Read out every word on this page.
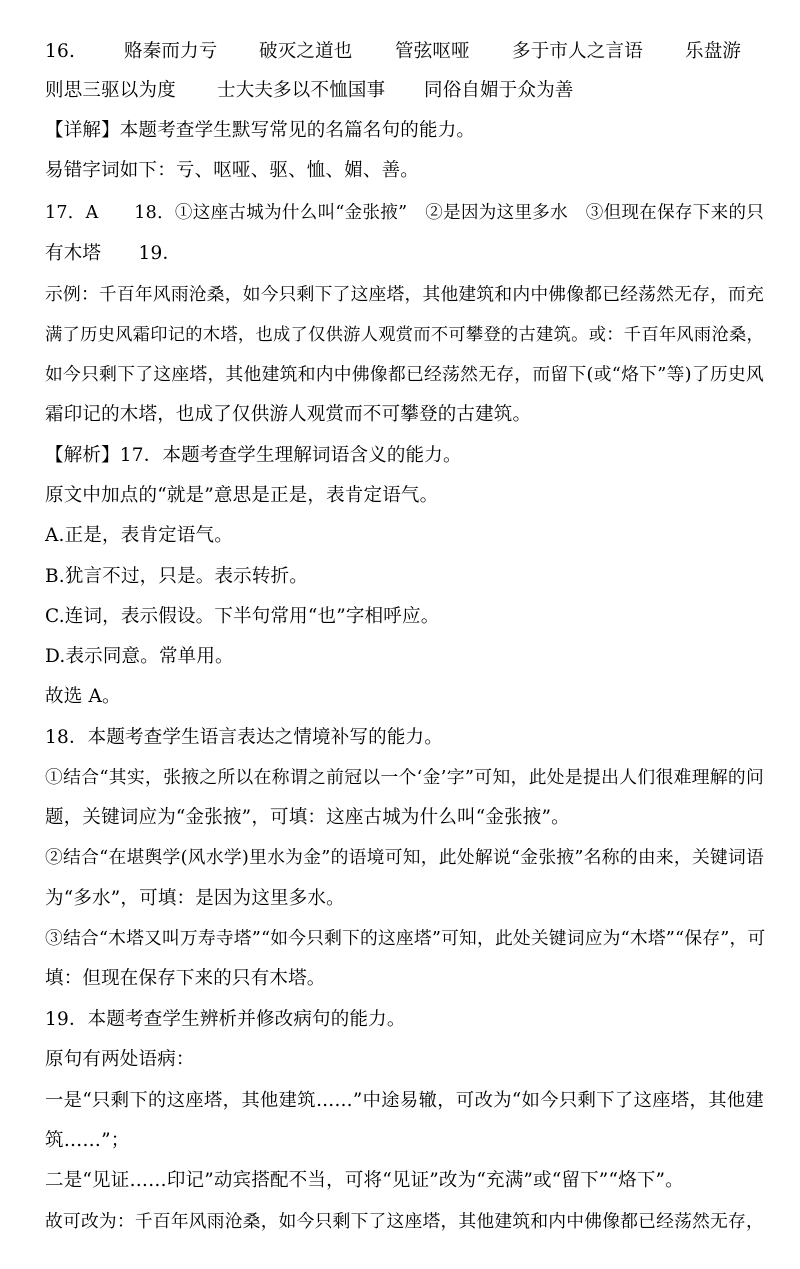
16.	赂秦而力亏 破灭之道也 管弦呕哑 多于市人之言语 乐盘游
则思三驱以为度 士大夫多以不恤国事 同俗自媚于众为善
【详解】本题考查学生默写常见的名篇名句的能力。
易错字词如下：亏、呕哑、驱、恤、媚、善。
17．A　　18．①这座古城为什么叫“金张掖”　②是因为这里多水　③但现在保存下来的只
有木塔　　19．
示例：千百年风雨沧桑，如今只剩下了这座塔，其他建筑和内中佛像都已经荡然无存，而充
满了历史风霜印记的木塔，也成了仅供游人观赏而不可攀登的古建筑。或：千百年风雨沧桑，
如今只剩下了这座塔，其他建筑和内中佛像都已经荡然无存，而留下(或“烙下”等)了历史风
霜印记的木塔，也成了仅供游人观赏而不可攀登的古建筑。
【解析】17．本题考查学生理解词语含义的能力。
原文中加点的“就是”意思是正是，表肯定语气。
A.正是，表肯定语气。
B.犹言不过，只是。表示转折。
C.连词，表示假设。下半句常用“也”字相呼应。
D.表示同意。常单用。
故选 A。
18．本题考查学生语言表达之情境补写的能力。
①结合“其实，张掖之所以在称谓之前冠以一个‘金’字”可知，此处是提出人们很难理解的问
题，关键词应为“金张掖”，可填：这座古城为什么叫“金张掖”。
②结合“在堪舆学(风水学)里水为金”的语境可知，此处解说“金张掖”名称的由来，关键词语
为“多水”，可填：是因为这里多水。
③结合“木塔又叫万寿寺塔”“如今只剩下的这座塔”可知，此处关键词应为“木塔”“保存”，可
填：但现在保存下来的只有木塔。
19．本题考查学生辨析并修改病句的能力。
原句有两处语病：
一是“只剩下的这座塔，其他建筑……”中途易辙，可改为“如今只剩下了这座塔，其他建
筑……”；
二是“见证……印记”动宾搭配不当，可将“见证”改为“充满”或“留下”“烙下”。
故可改为：千百年风雨沧桑，如今只剩下了这座塔，其他建筑和内中佛像都已经荡然无存，
